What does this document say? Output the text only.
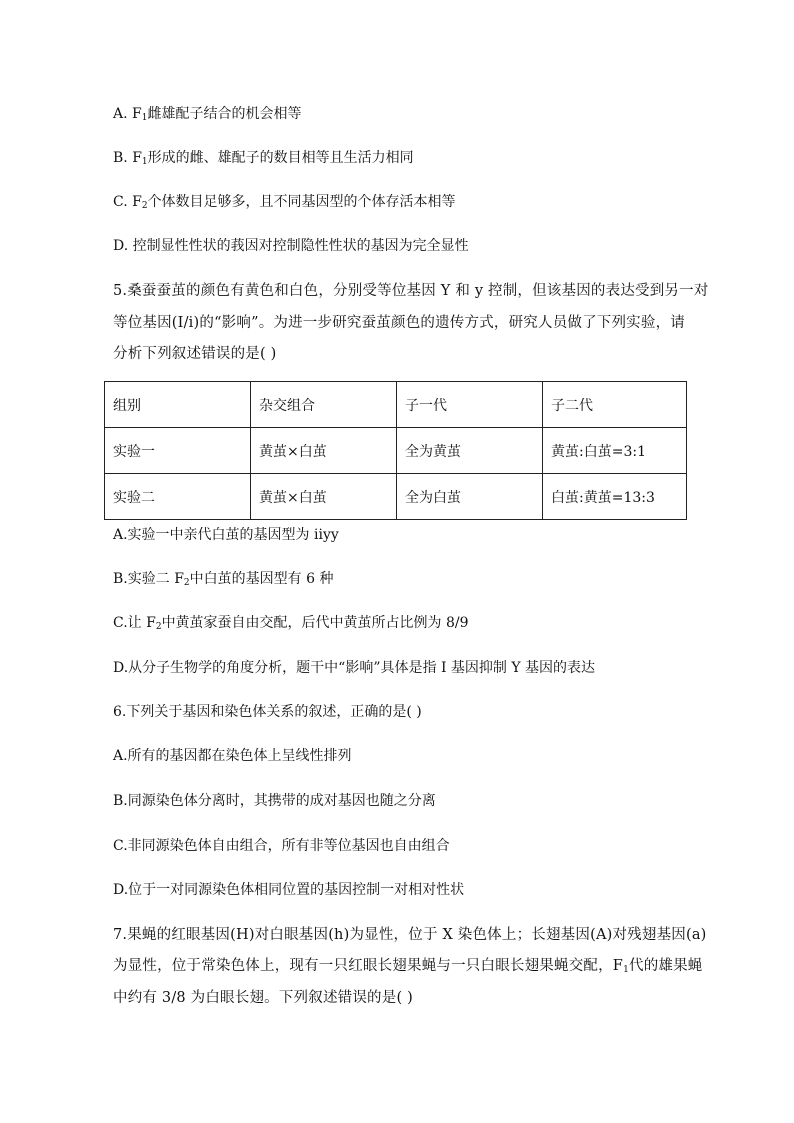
A. $F_1$雌雄配子结合的机会相等
B. $F_1$形成的雌、雄配子的数目相等且生活力相同
C. $F_2$个体数目足够多，且不同基因型的个体存活本相等
D. 控制显性性状的莪因对控制隐性性状的基因为完全显性
5.桑蚕蚕茧的颜色有黄色和白色，分别受等位基因 Y 和 y 控制，但该基因的表达受到另一对
等位基因(I/i)的“影响”。为进一步研究蚕茧颜色的遗传方式，研究人员做了下列实验，请
分析下列叙述错误的是( )
组别	杂交组合	子一代	子二代
实验一	黄茧×白茧	全为黄茧	黄茧:白茧=3:1
实验二	黄茧×白茧	全为白茧	白茧:黄茧=13:3
A.实验一中亲代白茧的基因型为 iiyy
B.实验二 $F_2$中白茧的基因型有 6 种
C.让 $F_2$中黄茧家蚕自由交配，后代中黄茧所占比例为 8/9
D.从分子生物学的角度分析，题干中“影响”具体是指 I 基因抑制 Y 基因的表达
6.下列关于基因和染色体关系的叙述，正确的是( )
A.所有的基因都在染色体上呈线性排列
B.同源染色体分离时，其携带的成对基因也随之分离
C.非同源染色体自由组合，所有非等位基因也自由组合
D.位于一对同源染色体相同位置的基因控制一对相对性状
7.果蝇的红眼基因(H)对白眼基因(h)为显性，位于 X 染色体上；长翅基因(A)对残翅基因(a)
为显性，位于常染色体上，现有一只红眼长翅果蝇与一只白眼长翅果蝇交配，$F_1$代的雄果蝇
中约有 3/8 为白眼长翅。下列叙述错误的是( )
